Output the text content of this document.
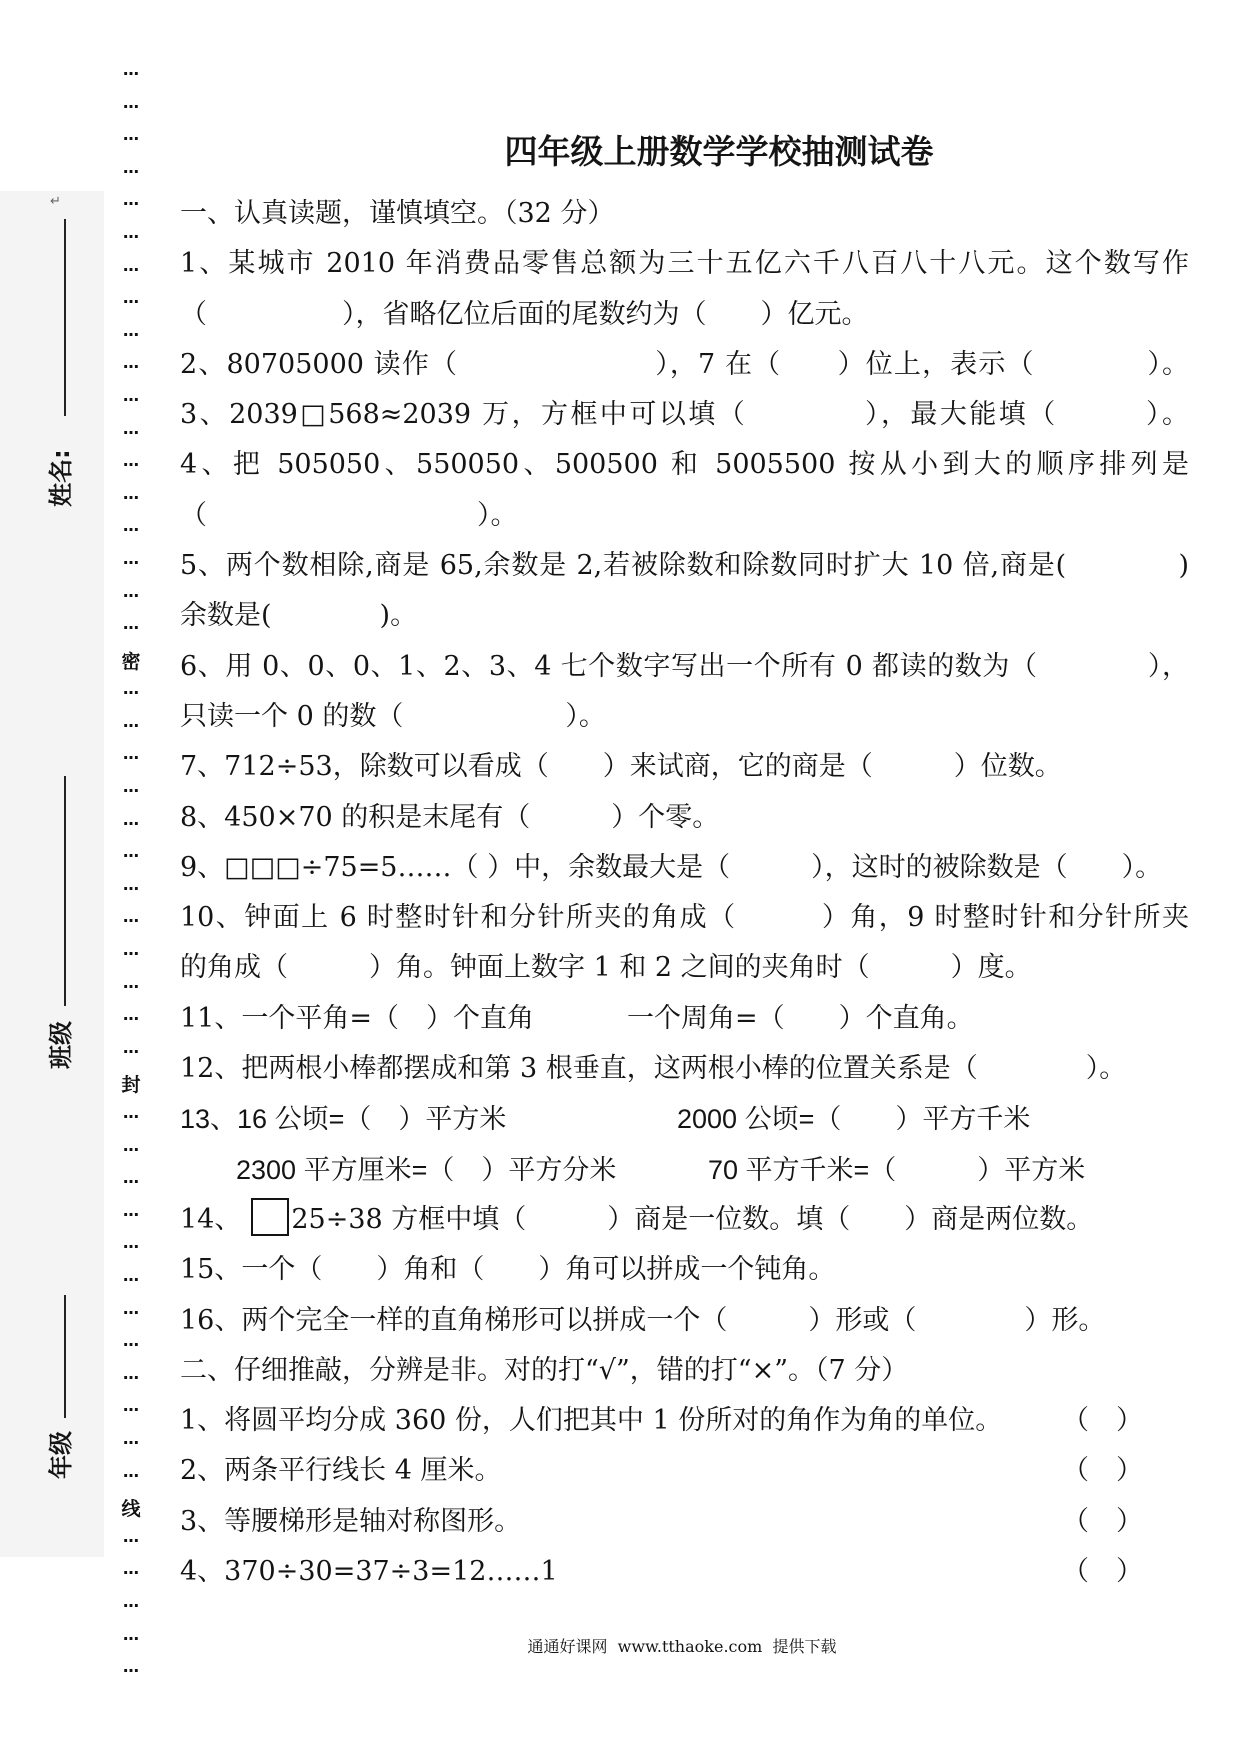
↵
姓名:
班级
年级
…
…
…
…
…
…
…
…
…
…
…
…
…
…
…
…
…
…
密
…
…
…
…
…
…
…
…
…
…
…
…
封
…
…
…
…
…
…
…
…
…
…
…
…
线
…
…
…
…
…
四年级上册数学学校抽测试卷
一、认真读题，谨慎填空。（32 分）
1、某城市 2010 年消费品零售总额为三十五亿六千八百八十八元。这个数写作
（　　　　　），省略亿位后面的尾数约为（　　）亿元。
2、80705000 读作（　　　　　　　），7 在（　　）位上，表示（　　　　）。
3、2039□568≈2039 万，方框中可以填（　　　　），最大能填（　　　）。
4、把 505050、550050、500500 和 5005500 按从小到大的顺序排列是
（　　　　　　　　　　）。
5、两个数相除,商是 65,余数是 2,若被除数和除数同时扩大 10 倍,商是(　　　　)
余数是(　　　　)。
6、用 0、0、0、1、2、3、4 七个数字写出一个所有 0 都读的数为（　　　　），
只读一个 0 的数（　　　　　　）。
7、712÷53，除数可以看成（　　）来试商，它的商是（　　　）位数。
8、450×70 的积是末尾有（　　　）个零。
9、□□□÷75=5……（ ）中，余数最大是（　　　），这时的被除数是（　　）。
10、钟面上 6 时整时针和分针所夹的角成（　　　）角，9 时整时针和分针所夹
的角成（　　　）角。钟面上数字 1 和 2 之间的夹角时（　　　）度。
11、一个平角=（　）个直角	一个周角=（　　）个直角。
12、把两根小棒都摆成和第 3 根垂直，这两根小棒的位置关系是（　　　　）。
13、16 公顷=（　）平方米	2000 公顷=（　　）平方千米
2300 平方厘米=（　）平方分米	70 平方千米=（　　　）平方米
14、 25÷38 方框中填（　　　）商是一位数。填（　　）商是两位数。
15、一个（　　）角和（　　）角可以拼成一个钝角。
16、两个完全一样的直角梯形可以拼成一个（　　　）形或（　　　　）形。
二、仔细推敲，分辨是非。对的打“√”，错的打“×”。（7 分）
1、将圆平均分成 360 份，人们把其中 1 份所对的角作为角的单位。 （　）
2、两条平行线长 4 厘米。	（　）
3、等腰梯形是轴对称图形。	（　）
4、370÷30=37÷3=12……1	（　）
通通好课网  www.tthaoke.com  提供下载
